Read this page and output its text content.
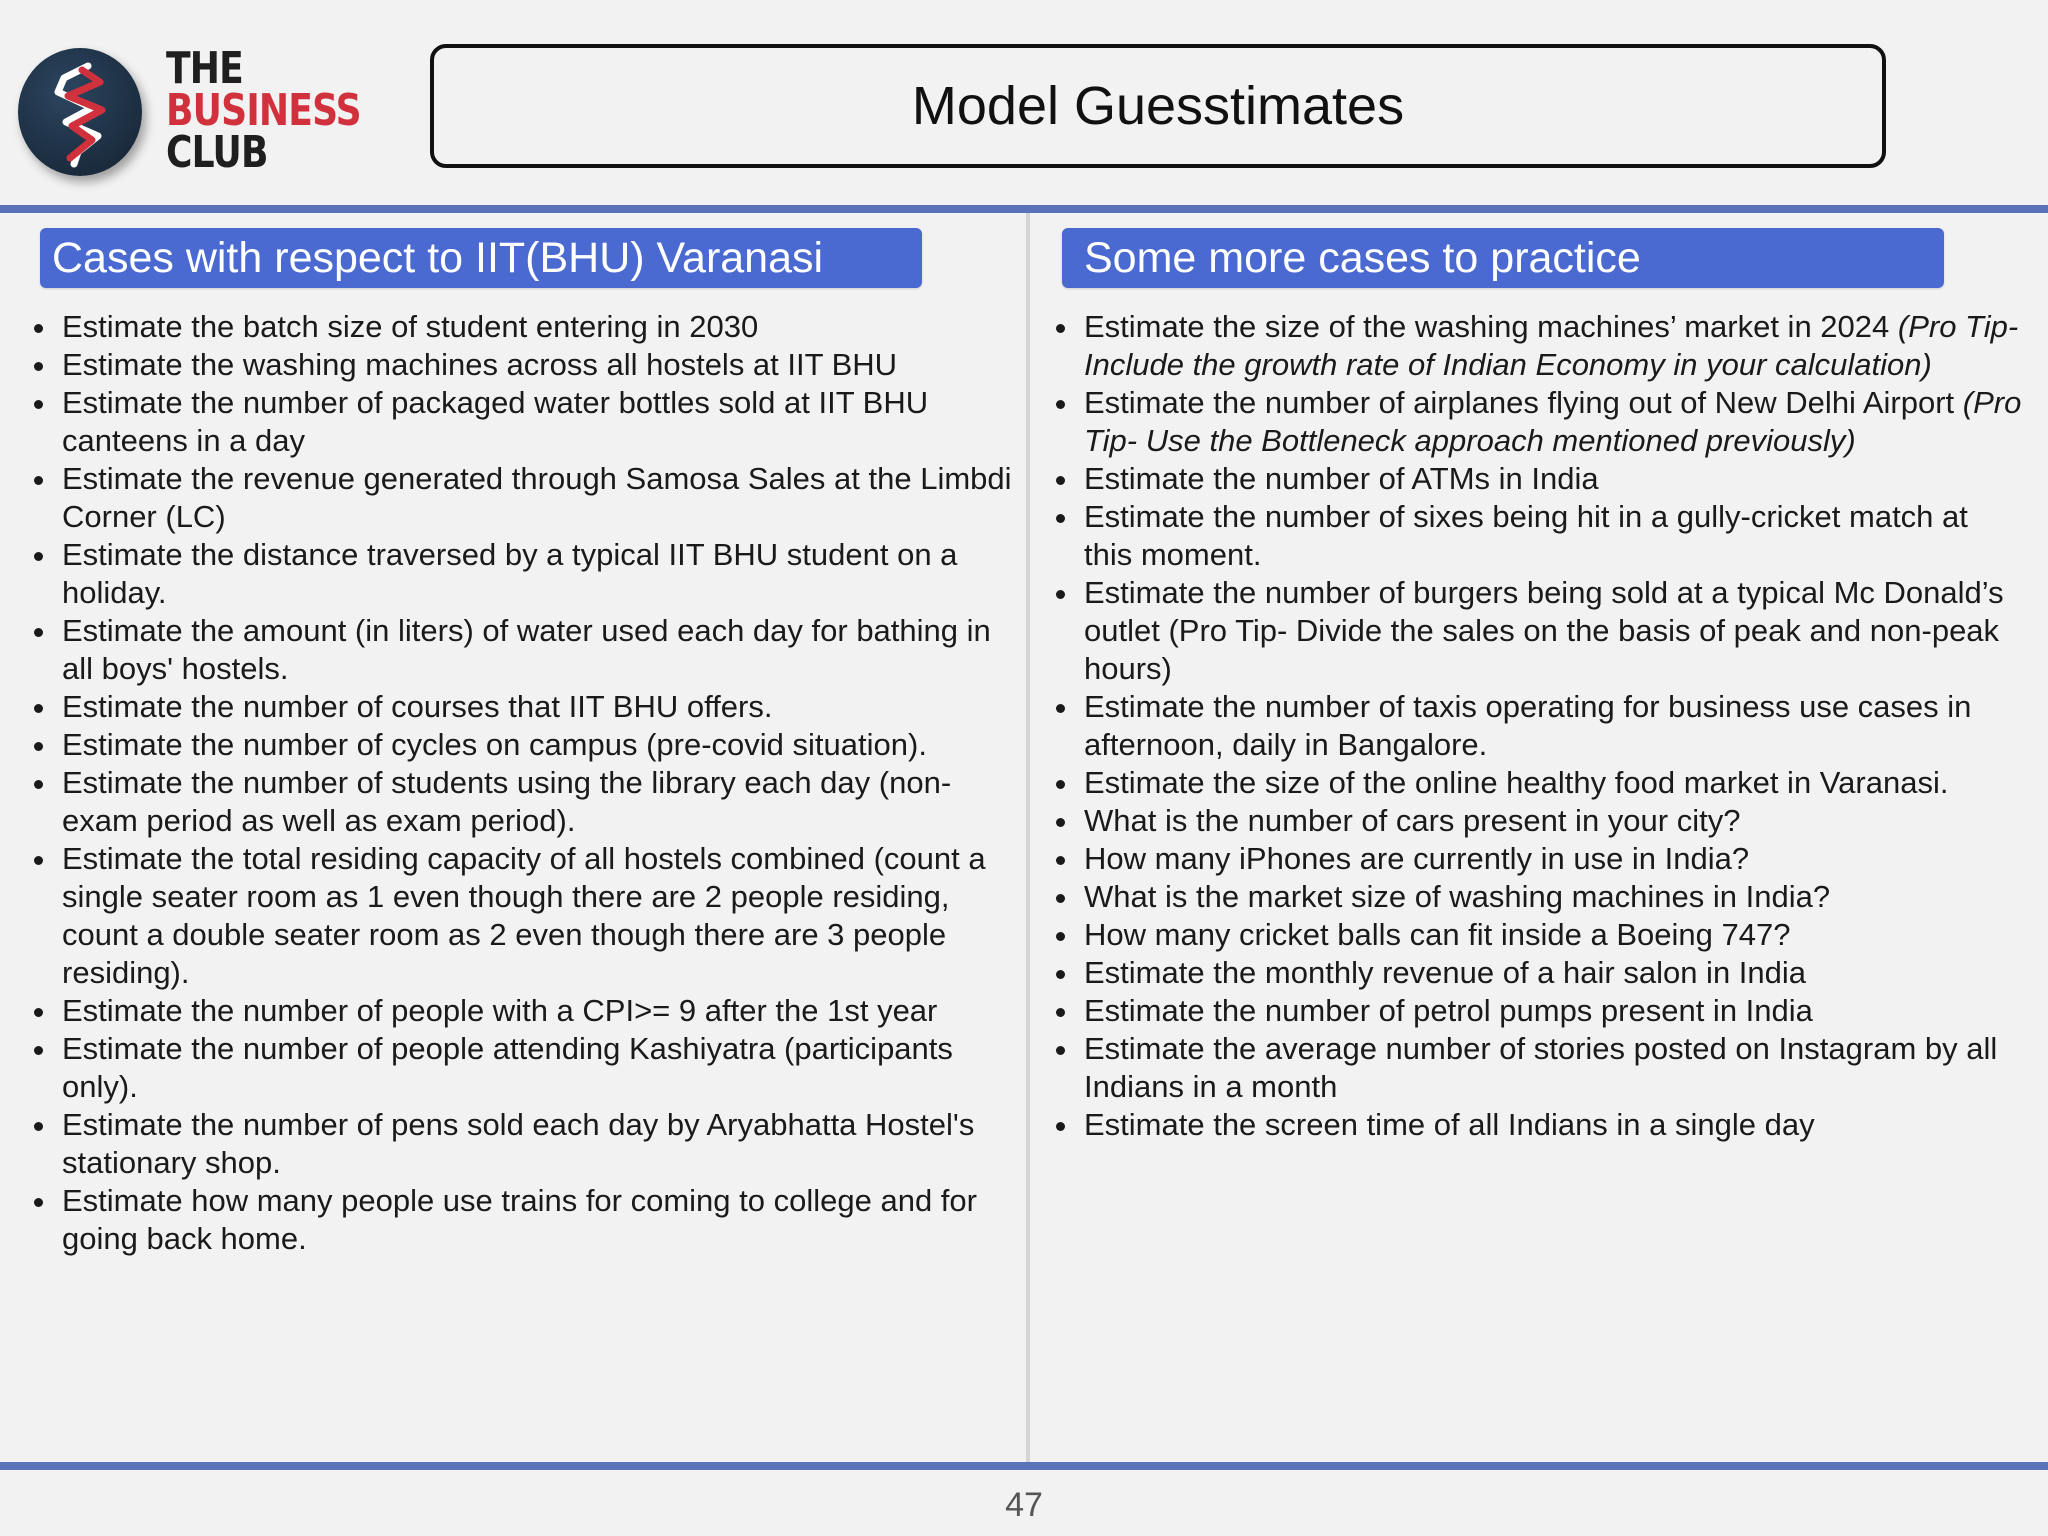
THE
BUSINESS
CLUB
Model Guesstimates
Cases with respect to IIT(BHU) Varanasi
Estimate the batch size of student entering in 2030
Estimate the washing machines across all hostels at IIT BHU
Estimate the number of packaged water bottles sold at IIT BHU canteens in a day
Estimate the revenue generated through Samosa Sales at the Limbdi Corner (LC)
Estimate the distance traversed by a typical IIT BHU student on a holiday.
Estimate the amount (in liters) of water used each day for bathing in all boys' hostels.
Estimate the number of courses that IIT BHU offers.
Estimate the number of cycles on campus (pre-covid situation).
Estimate the number of students using the library each day (non-exam period as well as exam period).
Estimate the total residing capacity of all hostels combined (count a single seater room as 1 even though there are 2 people residing, count a double seater room as 2 even though there are 3 people residing).
Estimate the number of people with a CPI>= 9 after the 1st year
Estimate the number of people attending Kashiyatra (participants only).
Estimate the number of pens sold each day by Aryabhatta Hostel's stationary shop.
Estimate how many people use trains for coming to college and for going back home.
Some more cases to practice
Estimate the size of the washing machines’ market in 2024 (Pro Tip- Include the growth rate of Indian Economy in your calculation)
Estimate the number of airplanes flying out of New Delhi Airport (Pro Tip- Use the Bottleneck approach mentioned previously)
Estimate the number of ATMs in India
Estimate the number of sixes being hit in a gully-cricket match at this moment.
Estimate the number of burgers being sold at a typical Mc Donald’s outlet (Pro Tip- Divide the sales on the basis of peak and non-peak hours)
Estimate the number of taxis operating for business use cases in afternoon, daily in Bangalore.
Estimate the size of the online healthy food market in Varanasi.
What is the number of cars present in your city?
How many iPhones are currently in use in India?
What is the market size of washing machines in India?
How many cricket balls can fit inside a Boeing 747?
Estimate the monthly revenue of a hair salon in India
Estimate the number of petrol pumps present in India
Estimate the average number of stories posted on Instagram by all Indians in a month
Estimate the screen time of all Indians in a single day
47
